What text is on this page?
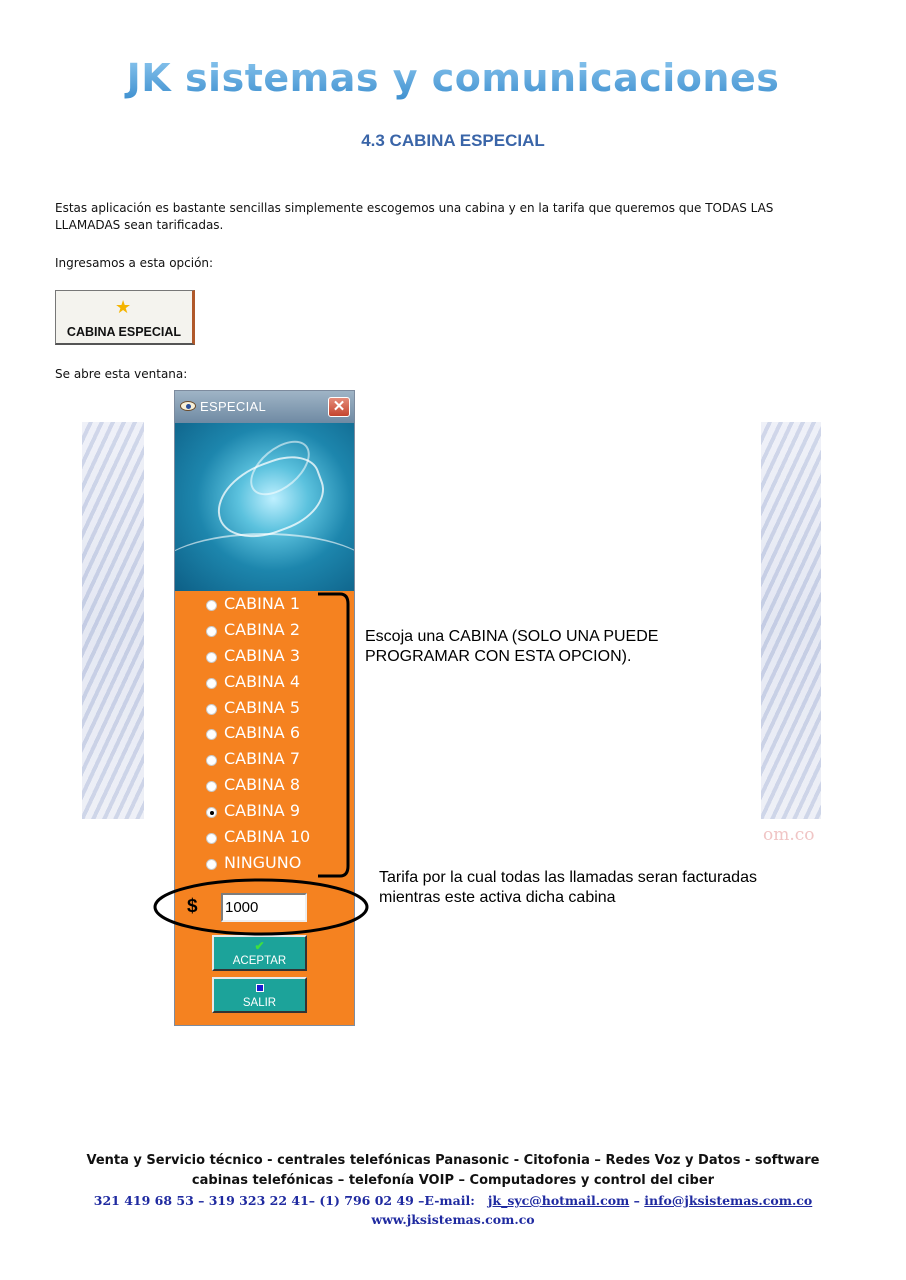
JK sistemas y comunicaciones
4.3 CABINA ESPECIAL
Estas aplicación es bastante sencillas simplemente escogemos una cabina y en la tarifa que queremos que TODAS LAS LLAMADAS sean tarificadas.
Ingresamos a esta opción:
★
CABINA ESPECIAL
Se abre esta ventana:
om.co
ESPECIAL	✕
CABINA 1
CABINA 2
CABINA 3
CABINA 4
CABINA 5
CABINA 6
CABINA 7
CABINA 8
CABINA 9
CABINA 10
NINGUNO
$ 1000
✔
ACEPTAR
SALIR
Escoja una CABINA (SOLO UNA PUEDE PROGRAMAR CON ESTA OPCION).
Tarifa por la cual todas las llamadas seran facturadas mientras este activa dicha cabina
Venta y Servicio técnico - centrales telefónicas Panasonic - Citofonia – Redes Voz y Datos - software cabinas telefónicas – telefonía VOIP – Computadores y control del ciber
321 419 68 53 – 319 323 22 41– (1) 796 02 49 –E-mail: jk_syc@hotmail.com – info@jksistemas.com.co
www.jksistemas.com.co
